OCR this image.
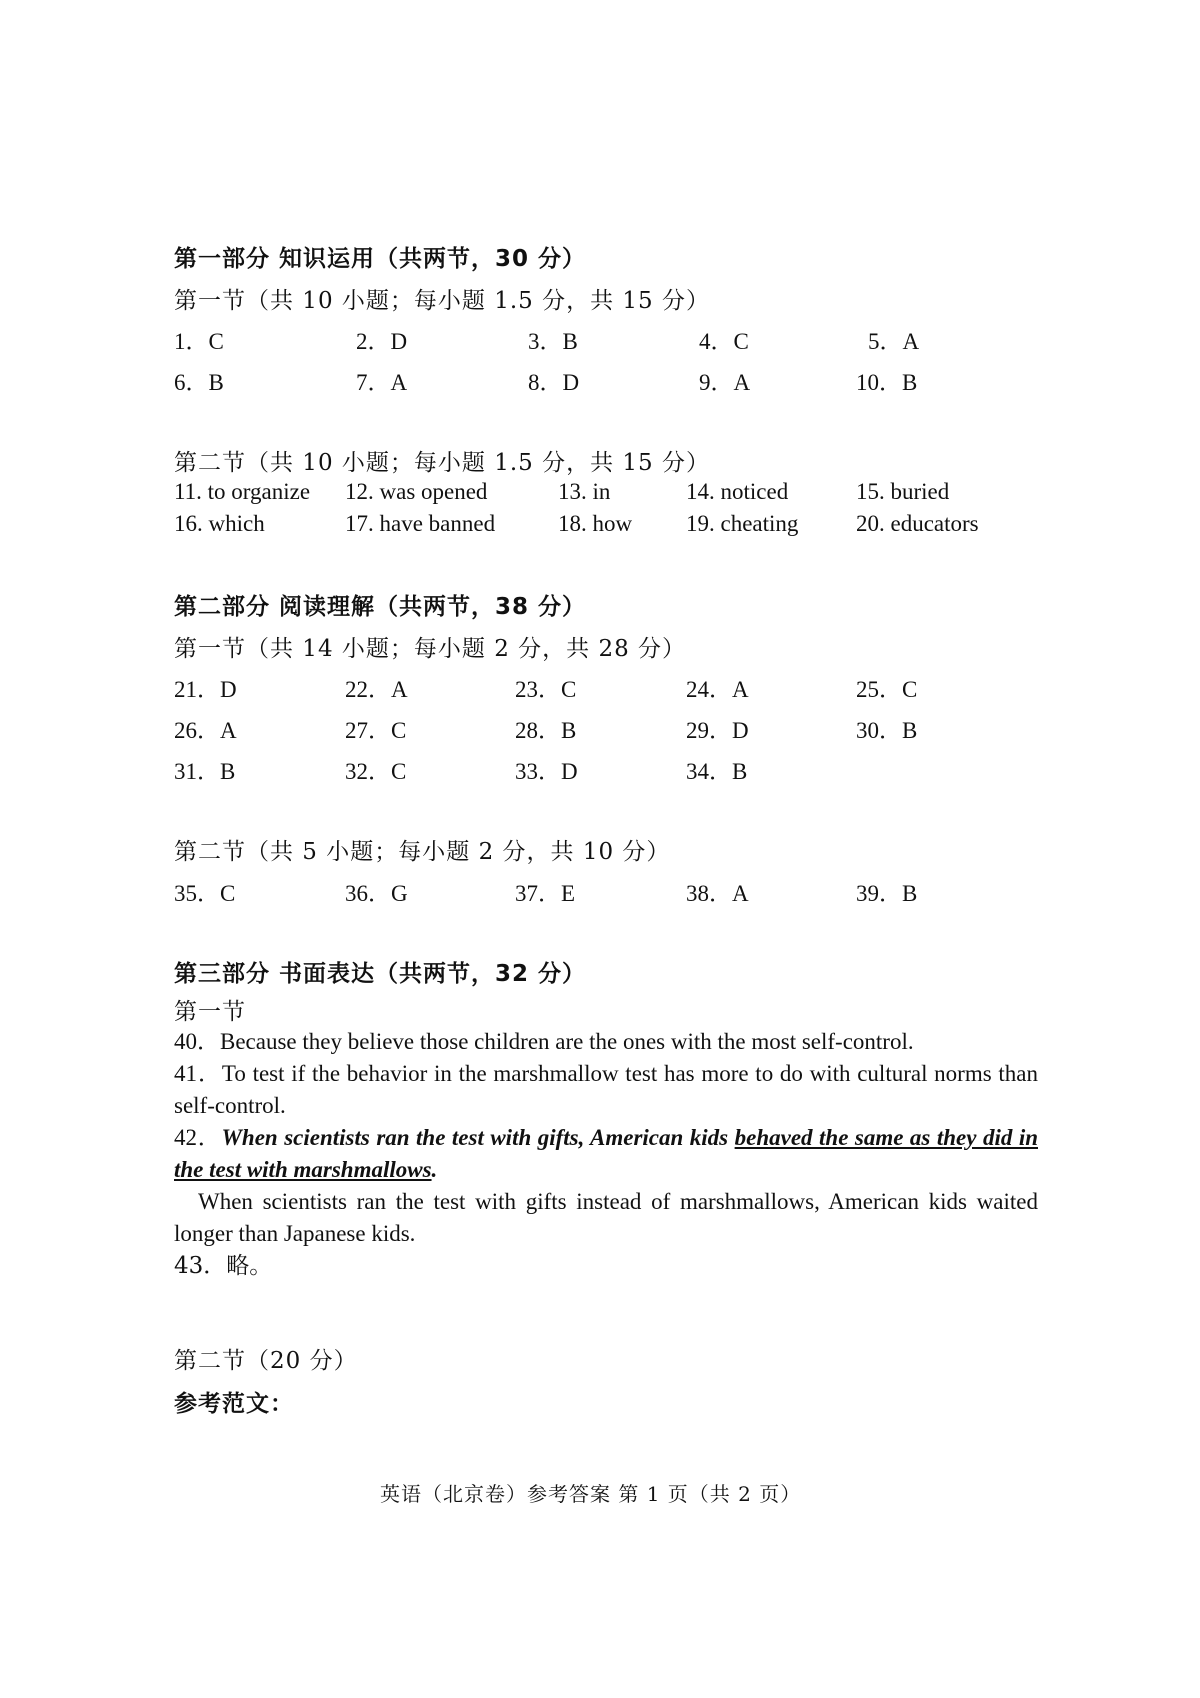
第一部分 知识运用（共两节，30 分）
第一节（共 10 小题；每小题 1.5 分，共 15 分）
1．C	2．D	3．B	4．C	5．A
6．B	7．A	8．D	9．A	10．B
第二节（共 10 小题；每小题 1.5 分，共 15 分）
11. to organize 12. was opened	13. in	14. noticed	15. buried
16. which	17. have banned	18. how 19. cheating	20. educators
第二部分 阅读理解（共两节，38 分）
第一节（共 14 小题；每小题 2 分，共 28 分）
21．D	22．A	23．C	24．A	25．C
26．A	27．C	28．B	29．D	30．B
31．B	32．C	33．D	34．B
第二节（共 5 小题；每小题 2 分，共 10 分）
35．C	36．G	37．E	38．A	39．B
第三部分 书面表达（共两节，32 分）
第一节
40．Because they believe those children are the ones with the most self-control.
41．To test if the behavior in the marshmallow test has more to do with cultural norms than self-control.
42．When scientists ran the test with gifts, American kids behaved the same as they did in the test with marshmallows.
When scientists ran the test with gifts instead of marshmallows, American kids waited longer than Japanese kids.
43．略。
第二节（20 分）
参考范文：
英语（北京卷）参考答案 第 1 页（共 2 页）
